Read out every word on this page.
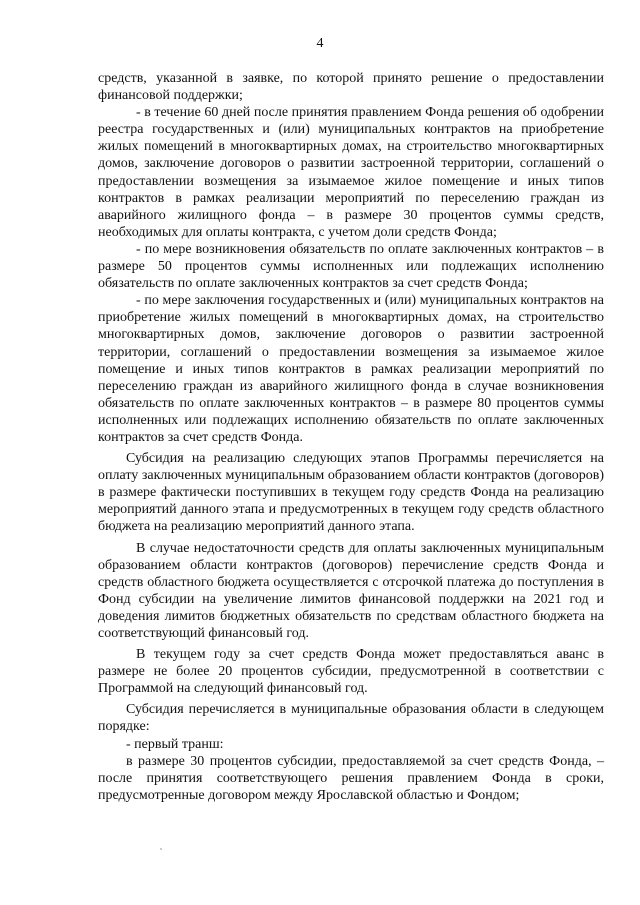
4

средств, указанной в заявке, по которой принято решение о предоставлении финансовой поддержки;

- в течение 60 дней после принятия правлением Фонда решения об одобрении реестра государственных и (или) муниципальных контрактов на приобретение жилых помещений в многоквартирных домах, на строительство многоквартирных домов, заключение договоров о развитии застроенной территории, соглашений о предоставлении возмещения за изымаемое жилое помещение и иных типов контрактов в рамках реализации мероприятий по переселению граждан из аварийного жилищного фонда – в размере 30 процентов суммы средств, необходимых для оплаты контракта, с учетом доли средств Фонда;

- по мере возникновения обязательств по оплате заключенных контрактов – в размере 50 процентов суммы исполненных или подлежащих исполнению обязательств по оплате заключенных контрактов за счет средств Фонда;

- по мере заключения государственных и (или) муниципальных контрактов на приобретение жилых помещений в многоквартирных домах, на строительство многоквартирных домов, заключение договоров о развитии застроенной территории, соглашений о предоставлении возмещения за изымаемое жилое помещение и иных типов контрактов в рамках реализации мероприятий по переселению граждан из аварийного жилищного фонда в случае возникновения обязательств по оплате заключенных контрактов – в размере 80 процентов суммы исполненных или подлежащих исполнению обязательств по оплате заключенных контрактов за счет средств Фонда.

Субсидия на реализацию следующих этапов Программы перечисляется на оплату заключенных муниципальным образованием области контрактов (договоров) в размере фактически поступивших в текущем году средств Фонда на реализацию мероприятий данного этапа и предусмотренных в текущем году средств областного бюджета на реализацию мероприятий данного этапа.

В случае недостаточности средств для оплаты заключенных муниципальным образованием области контрактов (договоров) перечисление средств Фонда и средств областного бюджета осуществляется с отсрочкой платежа до поступления в Фонд субсидии на увеличение лимитов финансовой поддержки на 2021 год и доведения лимитов бюджетных обязательств по средствам областного бюджета на соответствующий финансовый год.

В текущем году за счет средств Фонда может предоставляться аванс в размере не более 20 процентов субсидии, предусмотренной в соответствии с Программой на следующий финансовый год.

Субсидия перечисляется в муниципальные образования области в следующем порядке:

- первый транш:

в размере 30 процентов субсидии, предоставляемой за счет средств Фонда, – после принятия соответствующего решения правлением Фонда в сроки, предусмотренные договором между Ярославской областью и Фондом;
